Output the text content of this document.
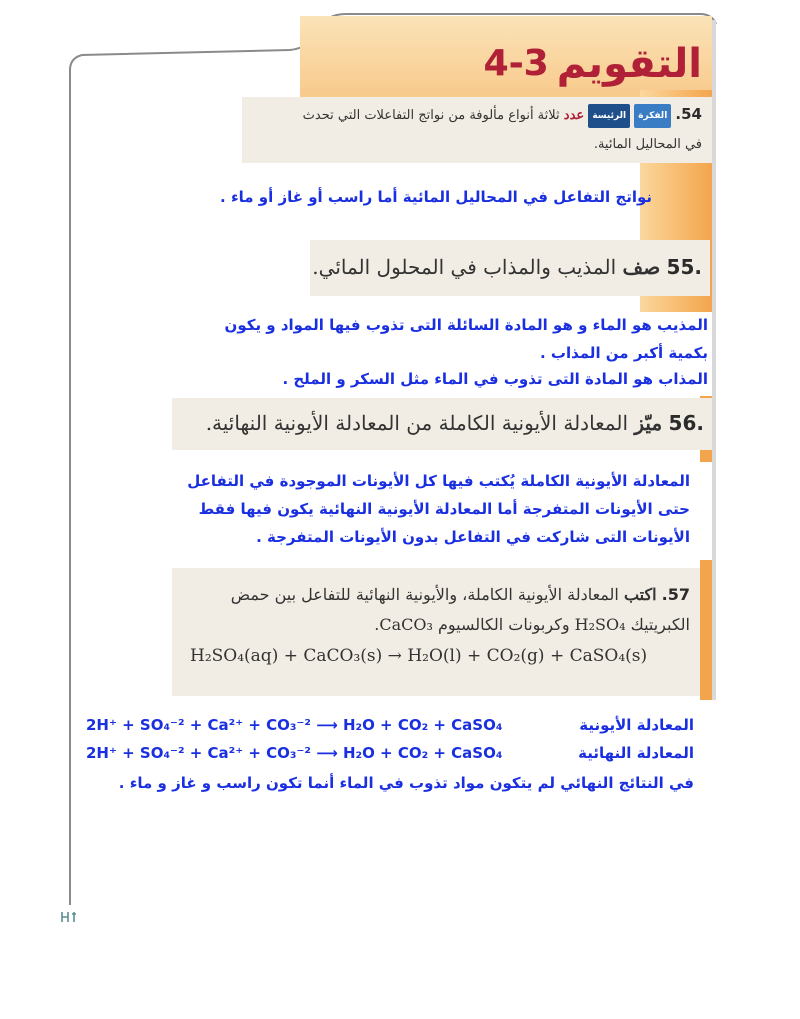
التقويم
4-3
54. الفكرة الرئيسة عدد ثلاثة أنواع مألوفة من نواتج التفاعلات التي تحدث
في المحاليل المائية.
نواتج التفاعل في المحاليل المائية أما راسب أو غاز أو ماء .
.55 صف المذيب والمذاب في المحلول المائي.
المذيب هو الماء و هو المادة السائلة التى تذوب فيها المواد و يكون
بكمية أكبر من المذاب .
المذاب هو المادة التى تذوب في الماء مثل السكر و الملح .
.56 ميّز المعادلة الأيونية الكاملة من المعادلة الأيونية النهائية.
المعادلة الأيونية الكاملة يُكتب فيها كل الأيونات الموجودة في التفاعل
حتى الأيونات المتفرجة أما المعادلة الأيونية النهائية يكون فيها فقط
الأيونات التى شاركت في التفاعل بدون الأيونات المتفرجة .
57. اكتب المعادلة الأيونية الكاملة، والأيونية النهائية للتفاعل بين حمض
الكبريتيك H₂SO₄ وكربونات الكالسيوم CaCO₃.
H₂SO₄(aq) + CaCO₃(s) → H₂O(l) + CO₂(g) + CaSO₄(s)
المعادلة الأيونية
2H⁺ + SO₄⁻² + Ca²⁺ + CO₃⁻² ⟶ H₂O + CO₂ + CaSO₄
المعادلة النهائية
2H⁺ + SO₄⁻² + Ca²⁺ + CO₃⁻² ⟶ H₂O + CO₂ + CaSO₄
في النتائج النهائي لم يتكون مواد تذوب في الماء أنما تكون راسب و غاز و ماء .
